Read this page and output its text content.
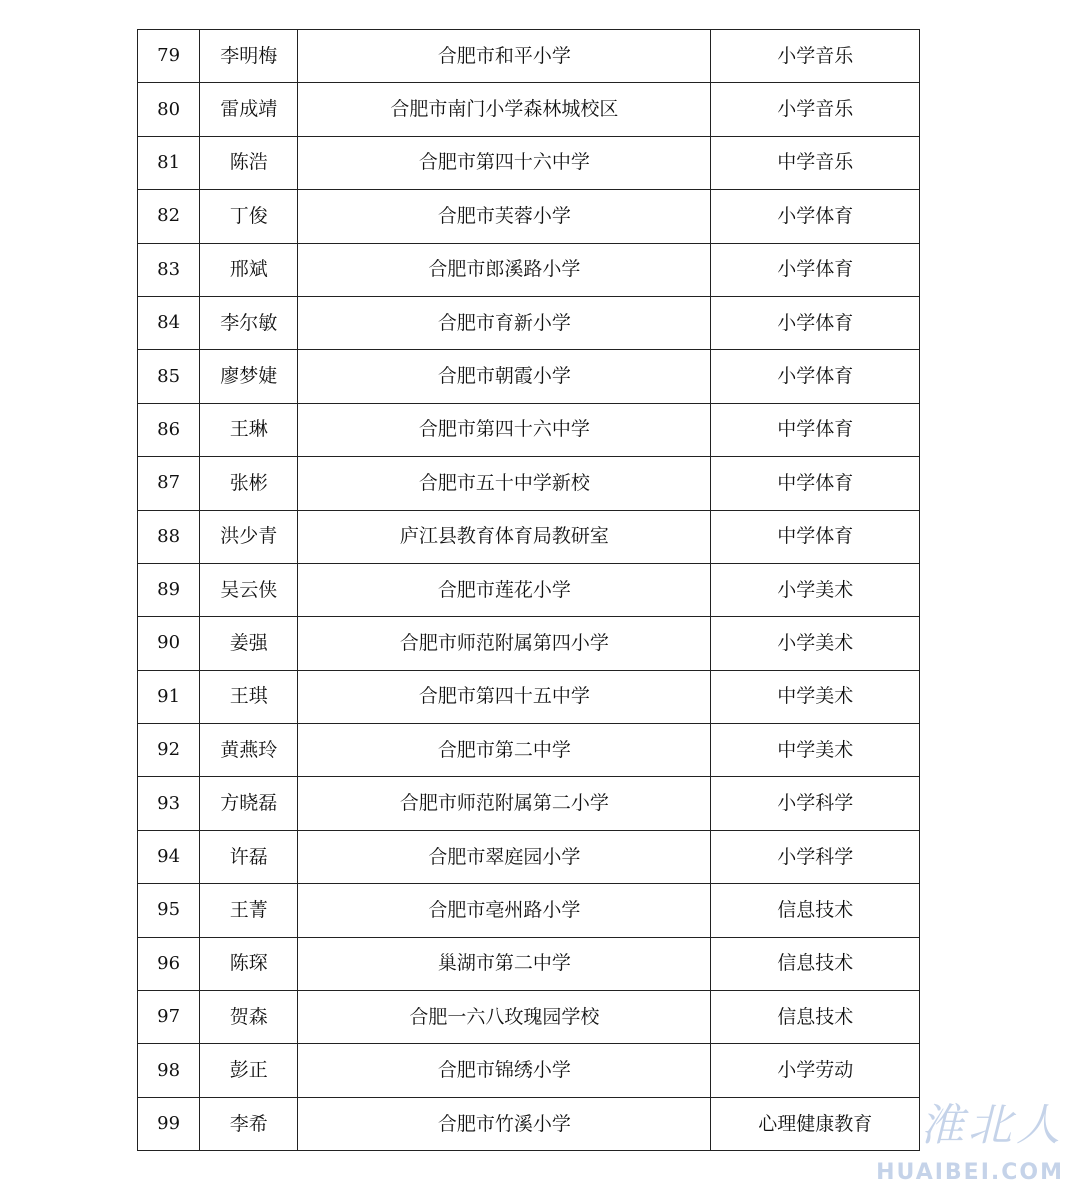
79	李明梅	合肥市和平小学	小学音乐
80	雷成靖	合肥市南门小学森林城校区	小学音乐
81	陈浩	合肥市第四十六中学	中学音乐
82	丁俊	合肥市芙蓉小学	小学体育
83	邢斌	合肥市郎溪路小学	小学体育
84	李尔敏	合肥市育新小学	小学体育
85	廖梦婕	合肥市朝霞小学	小学体育
86	王琳	合肥市第四十六中学	中学体育
87	张彬	合肥市五十中学新校	中学体育
88	洪少青	庐江县教育体育局教研室	中学体育
89	吴云侠	合肥市莲花小学	小学美术
90	姜强	合肥市师范附属第四小学	小学美术
91	王琪	合肥市第四十五中学	中学美术
92	黄燕玲	合肥市第二中学	中学美术
93	方晓磊	合肥市师范附属第二小学	小学科学
94	许磊	合肥市翠庭园小学	小学科学
95	王菁	合肥市亳州路小学	信息技术
96	陈琛	巢湖市第二中学	信息技术
97	贺森	合肥一六八玫瑰园学校	信息技术
98	彭正	合肥市锦绣小学	小学劳动
99	李希	合肥市竹溪小学	心理健康教育	淮北人
HUAIBEI.COM
